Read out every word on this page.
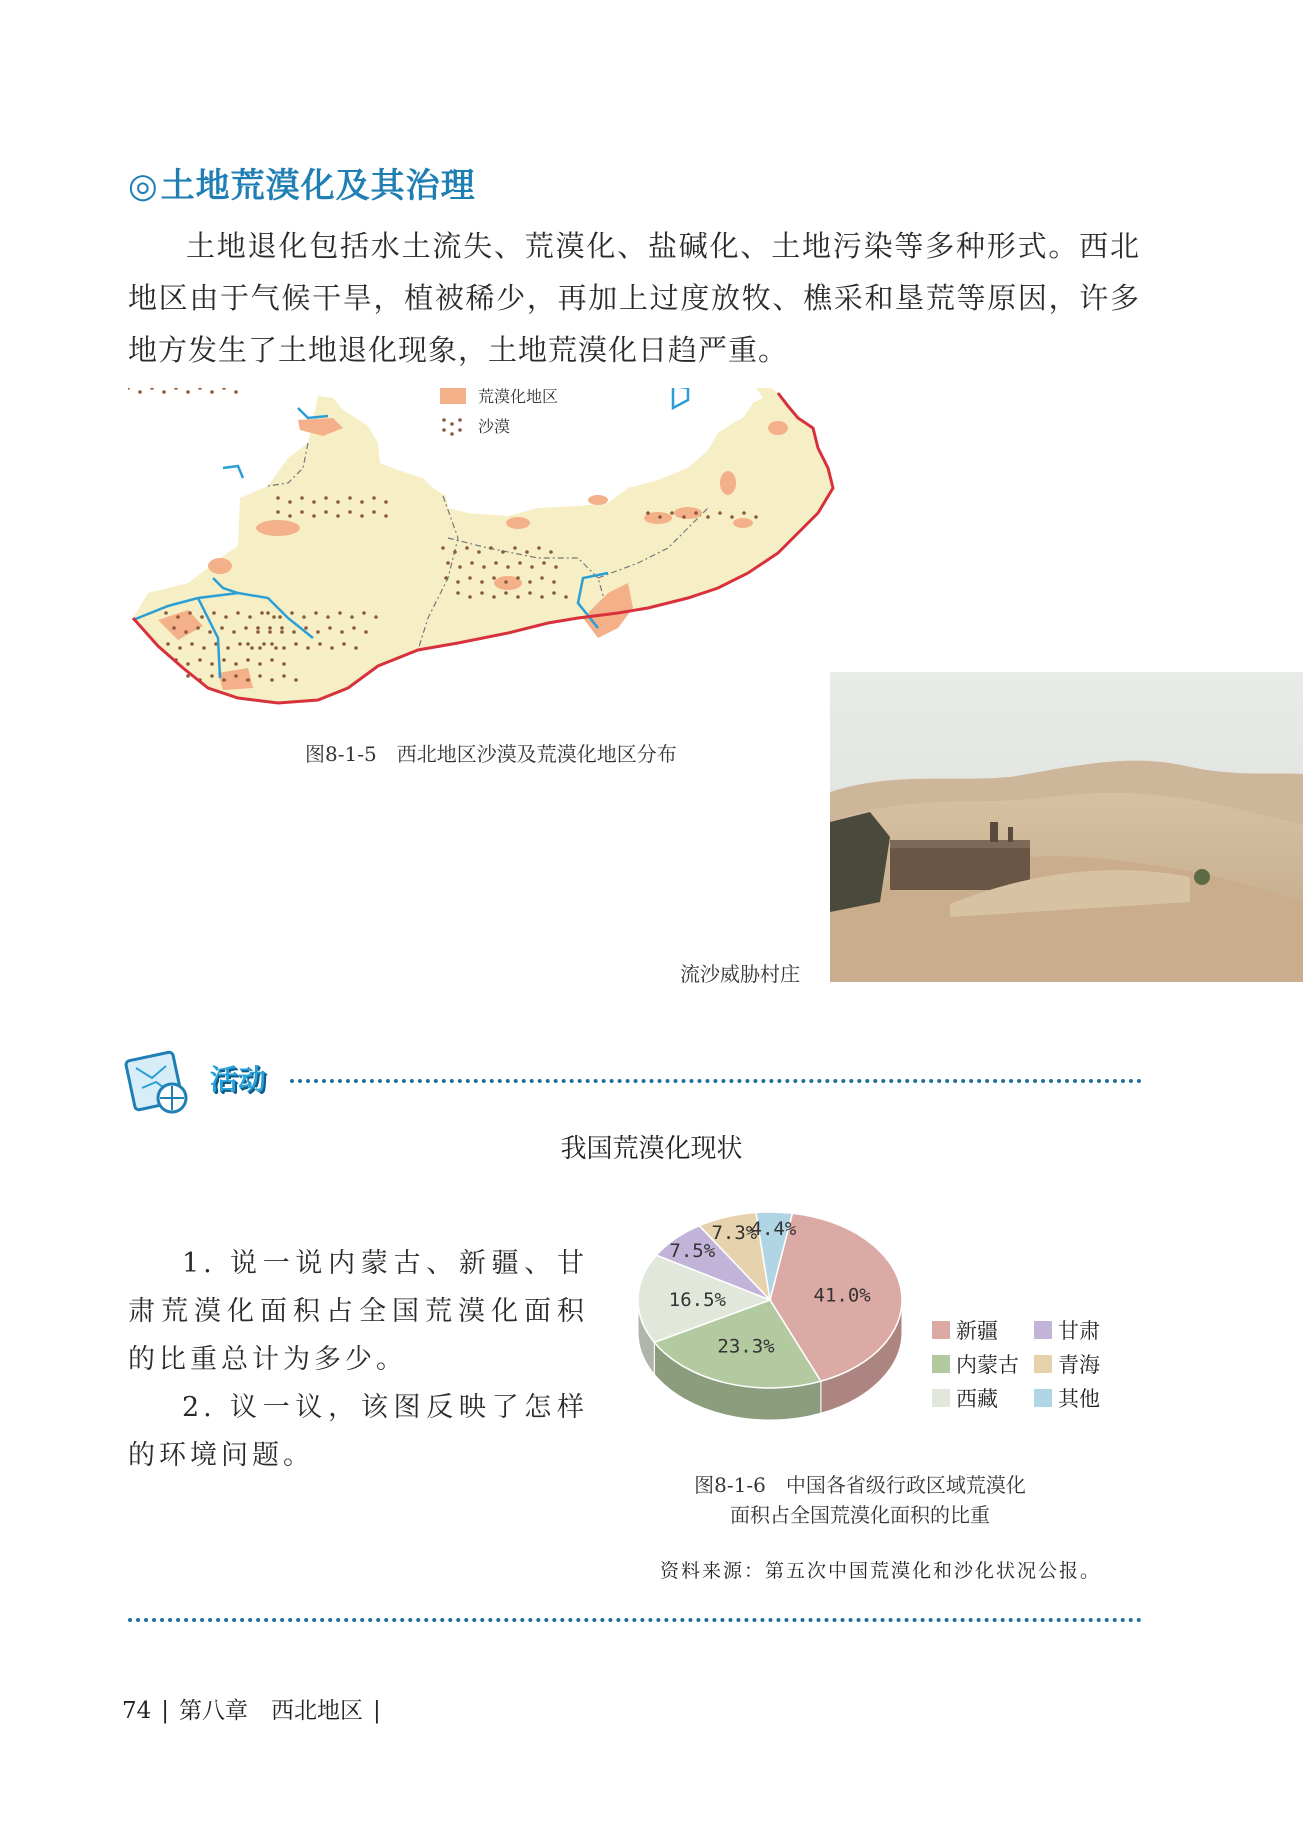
◎土地荒漠化及其治理
土地退化包括水土流失、荒漠化、盐碱化、土地污染等多种形式。西北地区由于气候干旱，植被稀少，再加上过度放牧、樵采和垦荒等原因，许多地方发生了土地退化现象，土地荒漠化日趋严重。
荒漠化地区
沙漠
图8-1-5　西北地区沙漠及荒漠化地区分布
流沙威胁村庄
活动
我国荒漠化现状

1. 说一说内蒙古、新疆、甘肃荒漠化面积占全国荒漠化面积的比重总计为多少。

2. 议一议，该图反映了怎样的环境问题。

41.0%
23.3%
16.5%
7.5%
7.3%
4.4%
新疆	甘肃
内蒙古 青海
西藏	其他
图8-1-6　中国各省级行政区域荒漠化
面积占全国荒漠化面积的比重
资料来源：第五次中国荒漠化和沙化状况公报。
74 | 第八章　西北地区 |
